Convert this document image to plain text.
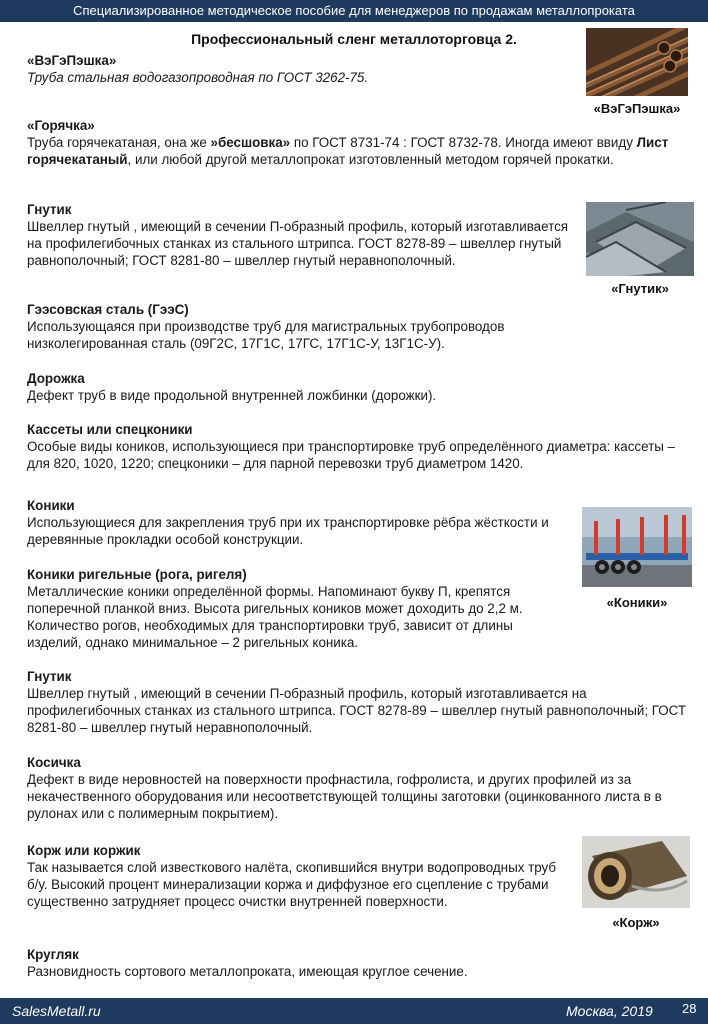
Специализированное методическое пособие для менеджеров по продажам металлопроката
Профессиональный сленг металлоторговца 2.
«ВэГэПэшка»
Труба стальная водогазопроводная по ГОСТ 3262-75.
«Горячка»
Труба горячекатаная, она же »бесшовка» по ГОСТ 8731-74 : ГОСТ 8732-78. Иногда имеют ввиду Лист горячекатаный, или любой другой металлопрокат изготовленный методом горячей прокатки.
Гнутик
Швеллер гнутый , имеющий в сечении П-образный профиль, который изготавливается на профилегибочных станках из стального штрипса. ГОСТ 8278-89 – швеллер гнутый равнополочный; ГОСТ 8281-80 – швеллер гнутый неравнополочный.
Гээсовская сталь (ГээС)
Использующаяся при производстве труб для магистральных трубопроводов низколегированная сталь (09Г2С, 17Г1С, 17ГС, 17Г1С-У, 13Г1С-У).
Дорожка
Дефект труб в виде продольной внутренней ложбинки (дорожки).
Кассеты или спецконики
Особые виды коников, использующиеся при транспортировке труб определённого диаметра: кассеты – для 820, 1020, 1220; спецконики – для парной перевозки труб диаметром 1420.
Коники
Использующиеся для закрепления труб при их транспортировке рёбра жёсткости и деревянные прокладки особой конструкции.
Коники ригельные (рога, ригеля)
Металлические коники определённой формы. Напоминают букву П, крепятся поперечной планкой вниз. Высота ригельных коников может доходить до 2,2 м. Количество рогов, необходимых для транспортировки труб, зависит от длины изделий, однако минимальное – 2 ригельных коника.
Гнутик
Швеллер гнутый , имеющий в сечении П-образный профиль, который изготавливается на профилегибочных станках из стального штрипса. ГОСТ 8278-89 – швеллер гнутый равнополочный; ГОСТ 8281-80 – швеллер гнутый неравнополочный.
Косичка
Дефект в виде неровностей на поверхности профнастила, гофролиста, и других профилей из за некачественного оборудования или несоответствующей толщины заготовки (оцинкованного листа в в рулонах или с полимерным покрытием).
Корж или коржик
Так называется слой известкового налёта, скопившийся внутри водопроводных труб б/у. Высокий процент минерализации коржа и диффузное его сцепление с трубами существенно затрудняет процесс очистки внутренней поверхности.
Кругляк
Разновидность сортового металлопроката, имеющая круглое сечение.
«ВэГэПэшка»
«Гнутик»
«Коники»
«Корж»
SalesMetall.ru	Москва, 2019 28
